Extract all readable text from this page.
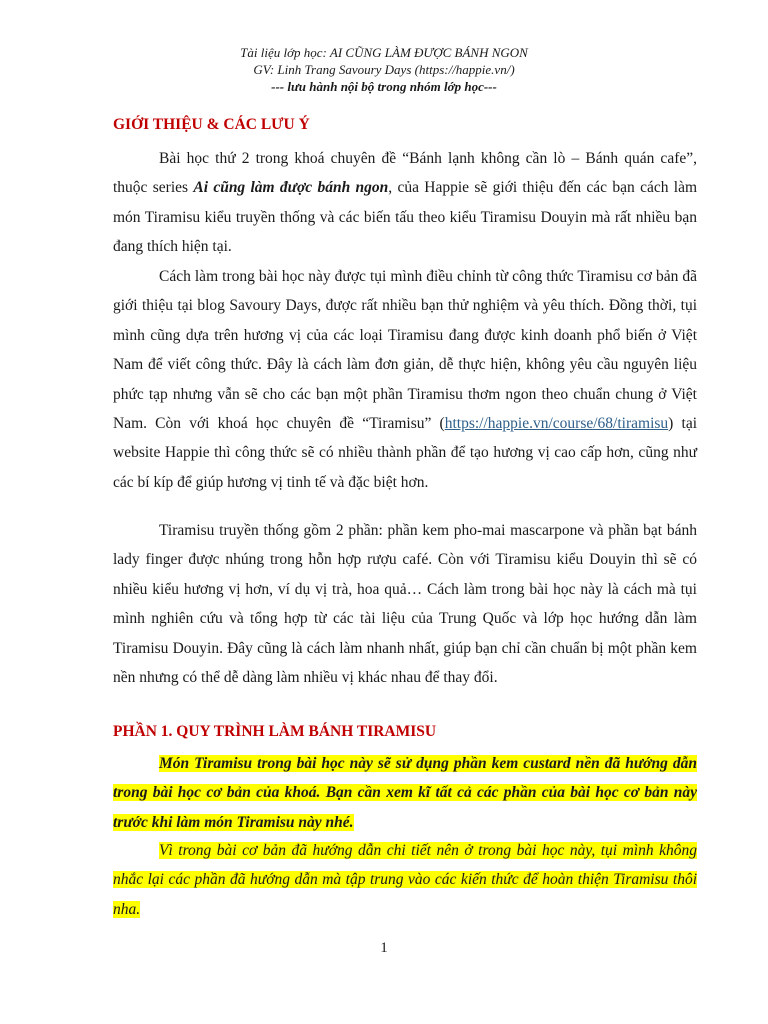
Tài liệu lớp học: AI CŨNG LÀM ĐƯỢC BÁNH NGON
GV: Linh Trang Savoury Days (https://happie.vn/)
--- lưu hành nội bộ trong nhóm lớp học---
GIỚI THIỆU & CÁC LƯU Ý
Bài học thứ 2 trong khoá chuyên đề “Bánh lạnh không cần lò – Bánh quán cafe”, thuộc series Ai cũng làm được bánh ngon, của Happie sẽ giới thiệu đến các bạn cách làm món Tiramisu kiểu truyền thống và các biến tấu theo kiểu Tiramisu Douyin mà rất nhiều bạn đang thích hiện tại.
Cách làm trong bài học này được tụi mình điều chỉnh từ công thức Tiramisu cơ bản đã giới thiệu tại blog Savoury Days, được rất nhiều bạn thử nghiệm và yêu thích. Đồng thời, tụi mình cũng dựa trên hương vị của các loại Tiramisu đang được kinh doanh phổ biến ở Việt Nam để viết công thức. Đây là cách làm đơn giản, dễ thực hiện, không yêu cầu nguyên liệu phức tạp nhưng vẫn sẽ cho các bạn một phần Tiramisu thơm ngon theo chuẩn chung ở Việt Nam. Còn với khoá học chuyên đề “Tiramisu” (https://happie.vn/course/68/tiramisu) tại website Happie thì công thức sẽ có nhiều thành phần để tạo hương vị cao cấp hơn, cũng như các bí kíp để giúp hương vị tinh tế và đặc biệt hơn.
Tiramisu truyền thống gồm 2 phần: phần kem pho-mai mascarpone và phần bạt bánh lady finger được nhúng trong hỗn hợp rượu café. Còn với Tiramisu kiểu Douyin thì sẽ có nhiều kiểu hương vị hơn, ví dụ vị trà, hoa quả… Cách làm trong bài học này là cách mà tụi mình nghiên cứu và tổng hợp từ các tài liệu của Trung Quốc và lớp học hướng dẫn làm Tiramisu Douyin. Đây cũng là cách làm nhanh nhất, giúp bạn chỉ cần chuẩn bị một phần kem nền nhưng có thể dễ dàng làm nhiều vị khác nhau để thay đổi.
PHẦN 1. QUY TRÌNH LÀM BÁNH TIRAMISU
Món Tiramisu trong bài học này sẽ sử dụng phần kem custard nền đã hướng dẫn trong bài học cơ bản của khoá. Bạn cần xem kĩ tất cả các phần của bài học cơ bản này trước khi làm món Tiramisu này nhé.
Vì trong bài cơ bản đã hướng dẫn chi tiết nên ở trong bài học này, tụi mình không nhắc lại các phần đã hướng dẫn mà tập trung vào các kiến thức để hoàn thiện Tiramisu thôi nha.
1
